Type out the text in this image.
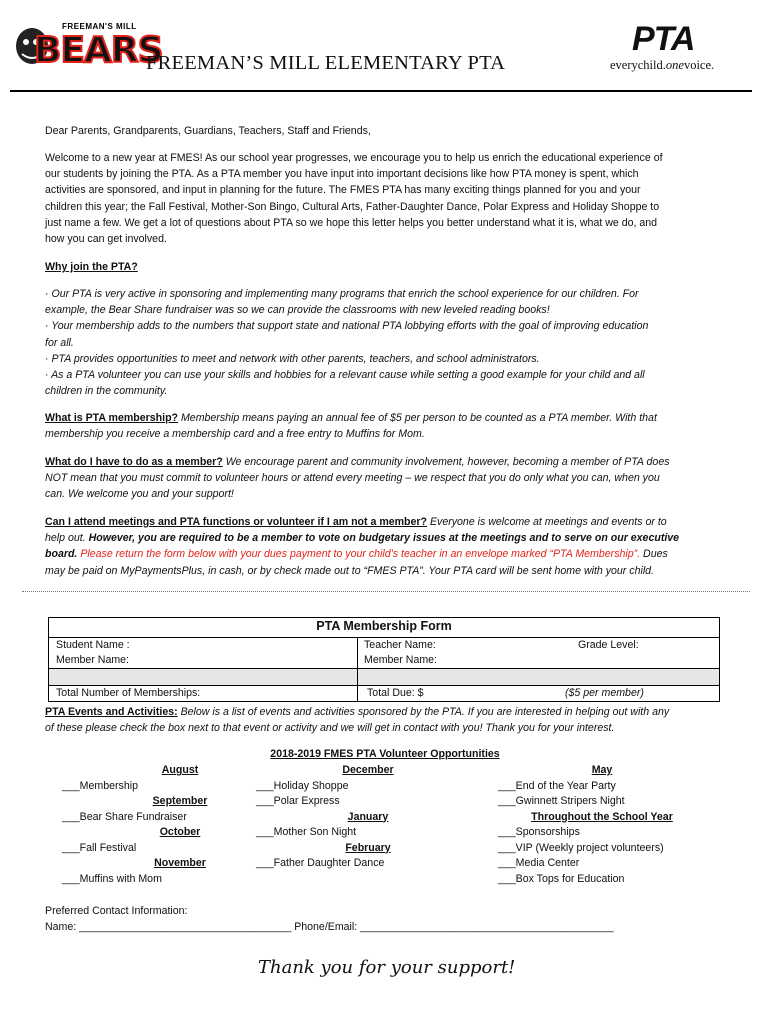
FREEMAN'S MILL
BEARS
FREEMAN’S MILL ELEMENTARY PTA
PTA
everychild.onevoice.
Dear Parents, Grandparents, Guardians, Teachers, Staff and Friends,
Welcome to a new year at FMES! As our school year progresses, we encourage you to help us enrich the educational experience of
our students by joining the PTA. As a PTA member you have input into important decisions like how PTA money is spent, which
activities are sponsored, and input in planning for the future. The FMES PTA has many exciting things planned for you and your
children this year; the Fall Festival, Mother-Son Bingo, Cultural Arts, Father-Daughter Dance, Polar Express and Holiday Shoppe to
just name a few. We get a lot of questions about PTA so we hope this letter helps you better understand what it is, what we do, and
how you can get involved.
Why join the PTA?
· Our PTA is very active in sponsoring and implementing many programs that enrich the school experience for our children. For
example, the Bear Share fundraiser was so we can provide the classrooms with new leveled reading books!
· Your membership adds to the numbers that support state and national PTA lobbying efforts with the goal of improving education
for all.
· PTA provides opportunities to meet and network with other parents, teachers, and school administrators.
· As a PTA volunteer you can use your skills and hobbies for a relevant cause while setting a good example for your child and all
children in the community.
What is PTA membership? Membership means paying an annual fee of $5 per person to be counted as a PTA member. With that
membership you receive a membership card and a free entry to Muffins for Mom.
What do I have to do as a member? We encourage parent and community involvement, however, becoming a member of PTA does
NOT mean that you must commit to volunteer hours or attend every meeting – we respect that you do only what you can, when you
can. We welcome you and your support!
Can I attend meetings and PTA functions or volunteer if I am not a member? Everyone is welcome at meetings and events or to
help out. However, you are required to be a member to vote on budgetary issues at the meetings and to serve on our executive
board. Please return the form below with your dues payment to your child’s teacher in an envelope marked “PTA Membership”. Dues
may be paid on MyPaymentsPlus, in cash, or by check made out to “FMES PTA”. Your PTA card will be sent home with your child.
PTA Membership Form
Student Name :	Teacher Name:	Grade Level:
Member Name:	Member Name:
Total Number of Memberships:	Total Due: $	($5 per member)
PTA Events and Activities: Below is a list of events and activities sponsored by the PTA. If you are interested in helping out with any
of these please check the box next to that event or activity and we will get in contact with you! Thank you for your interest.
2018-2019 FMES PTA Volunteer Opportunities
August
___Membership
September
___Bear Share Fundraiser
October
___Fall Festival
November
___Muffins with Mom
December
___Holiday Shoppe
___Polar Express
January
___Mother Son Night
February
___Father Daughter Dance
May
___End of the Year Party
___Gwinnett Stripers Night
Throughout the School Year
___Sponsorships
___VIP (Weekly project volunteers)
___Media Center
___Box Tops for Education
Preferred Contact Information:
Name: ____________________________________ Phone/Email: ___________________________________________
Thank you for your support!
